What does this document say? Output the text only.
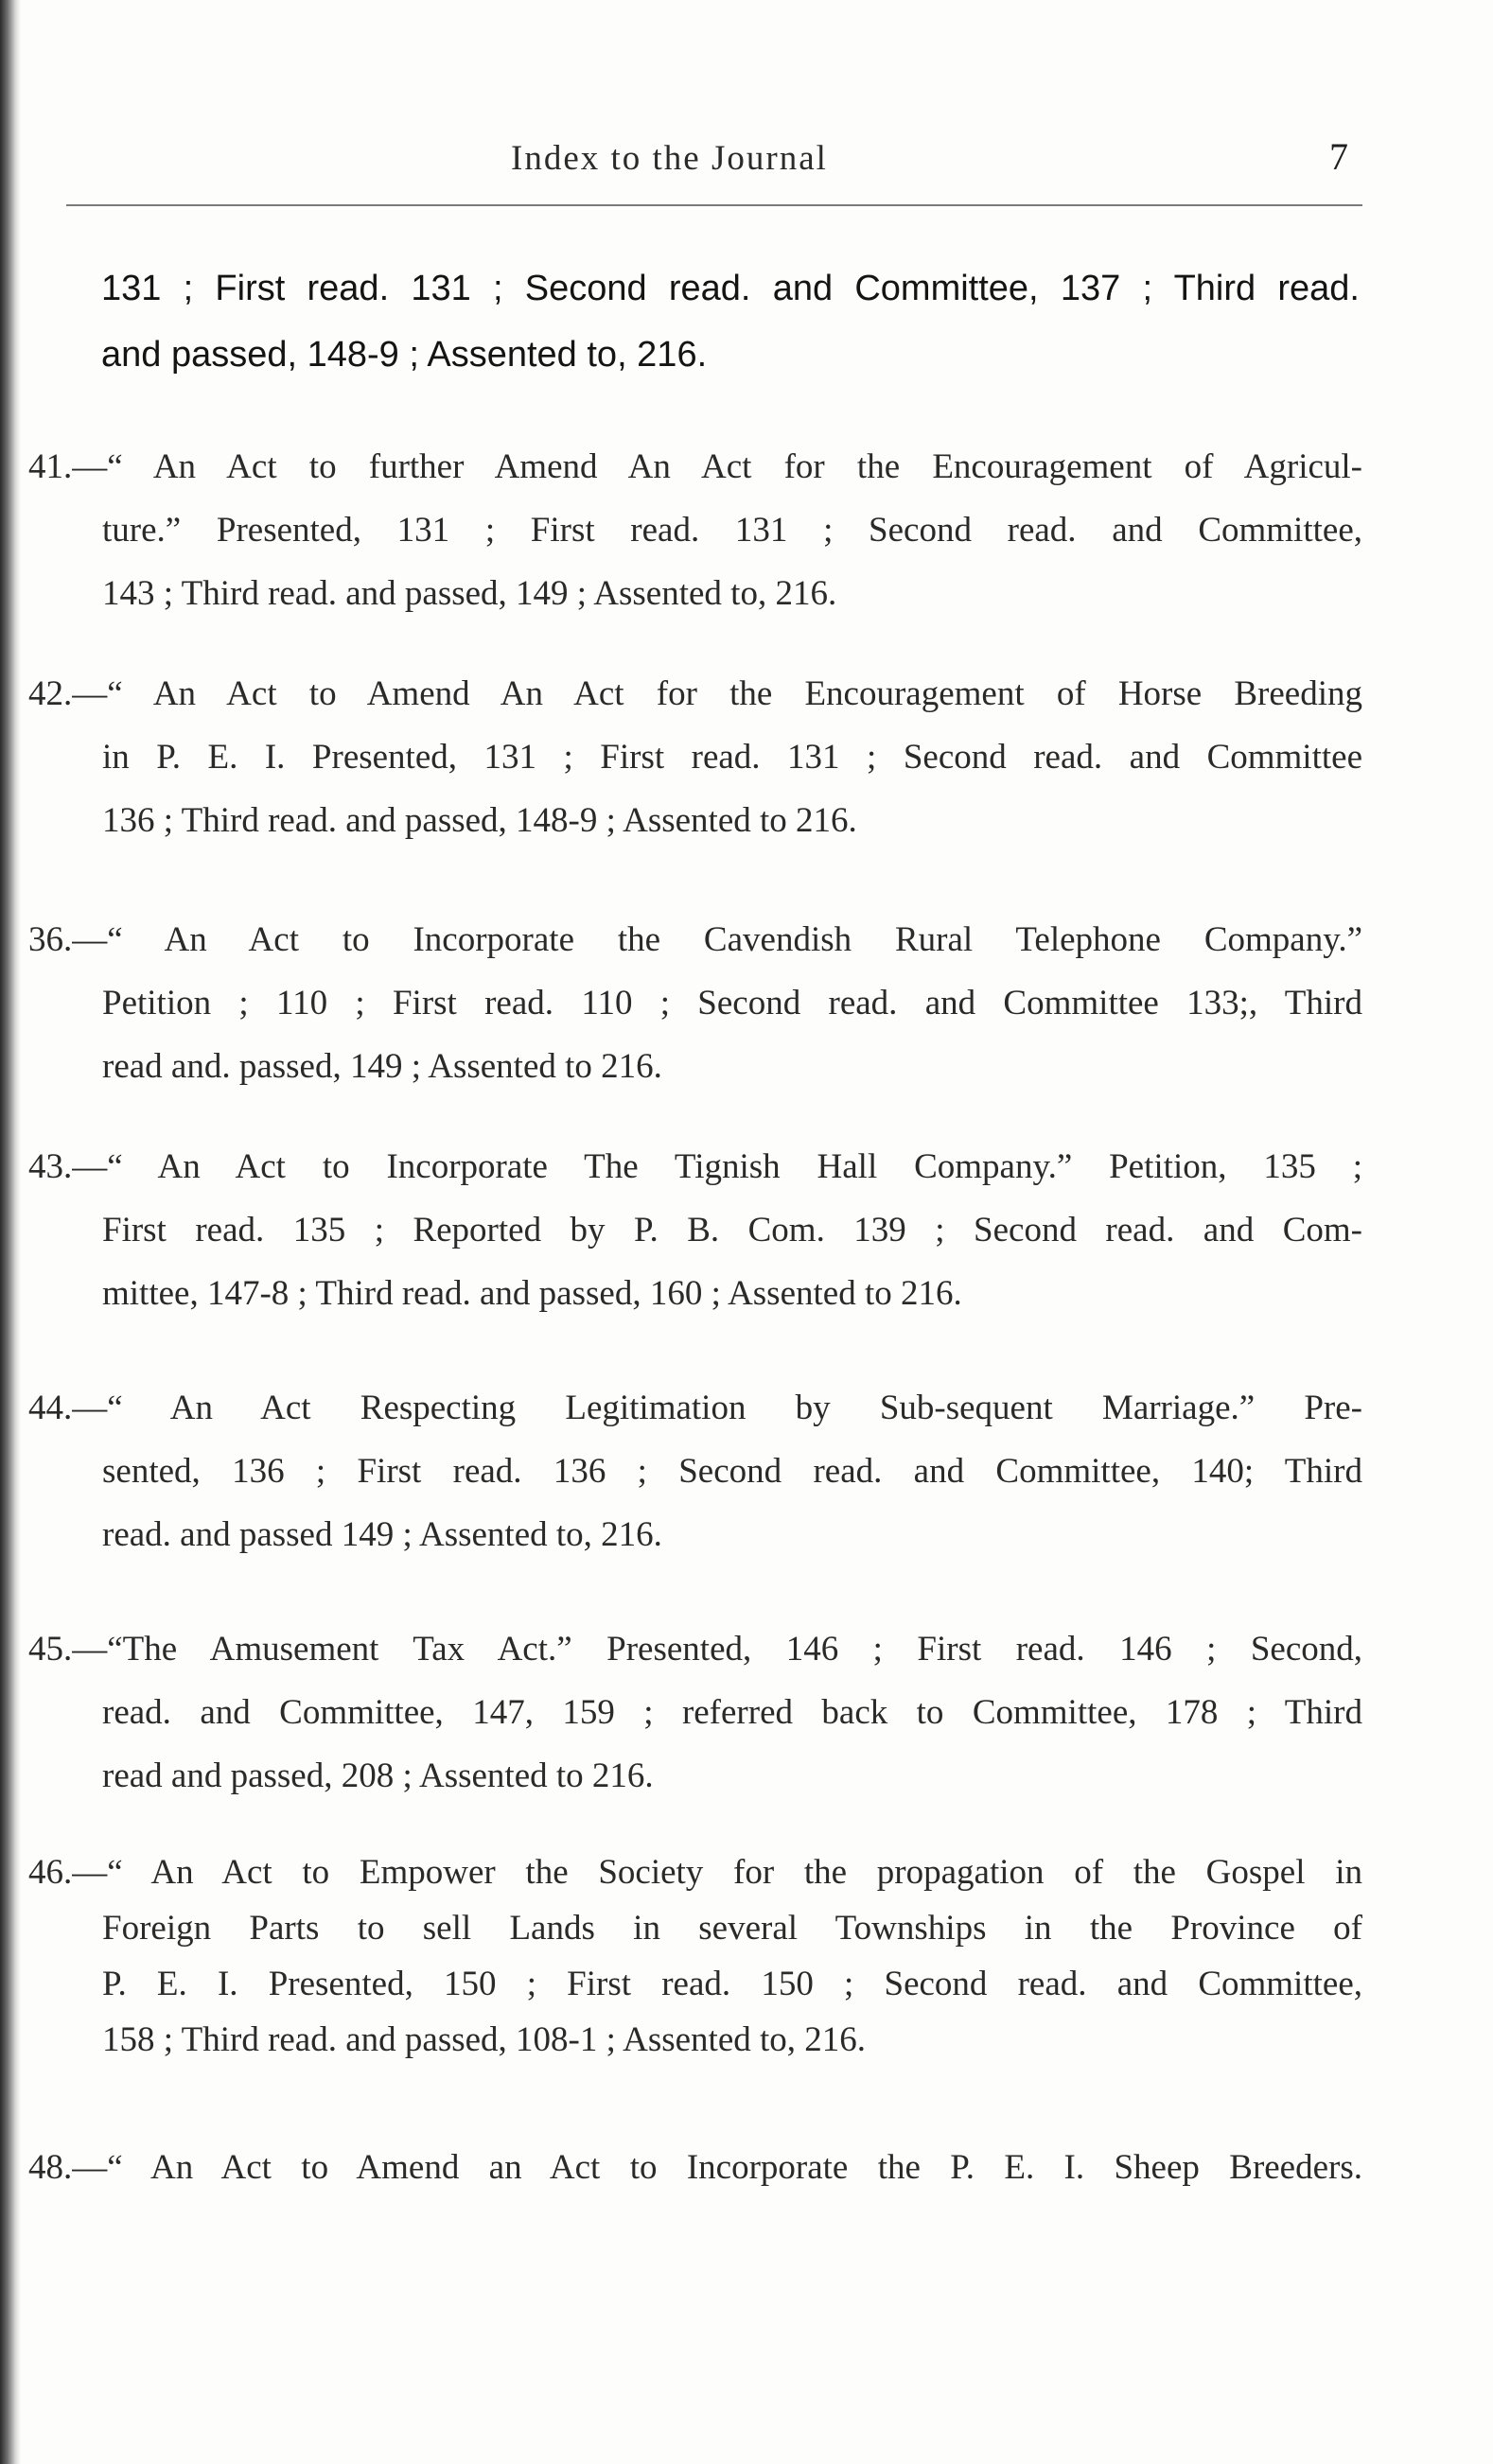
Index to the Journal	7
131 ; First read. 131 ; Second read. and Committee, 137 ; Third read.
and passed, 148-9 ; Assented to, 216.
41.—“ An Act to further Amend An Act for the Encouragement of Agricul-
ture.” Presented, 131 ; First read. 131 ; Second read. and Committee,
143 ; Third read. and passed, 149 ; Assented to, 216.
42.—“ An Act to Amend An Act for the Encouragement of Horse Breeding
in P. E. I. Presented, 131 ; First read. 131 ; Second read. and Committee
136 ; Third read. and passed, 148-9 ; Assented to 216.
36.—“ An Act to Incorporate the Cavendish Rural Telephone Company.”
Petition ; 110 ; First read. 110 ; Second read. and Committee 133;, Third
read and. passed, 149 ; Assented to 216.
43.—“ An Act to Incorporate The Tignish Hall Company.” Petition, 135 ;
First read. 135 ; Reported by P. B. Com. 139 ; Second read. and Com-
mittee, 147-8 ; Third read. and passed, 160 ; Assented to 216.
44.—“ An Act Respecting Legitimation by Sub-sequent Marriage.” Pre-
sented, 136 ; First read. 136 ; Second read. and Committee, 140; Third
read. and passed 149 ; Assented to, 216.
45.—“The Amusement Tax Act.” Presented, 146 ; First read. 146 ; Second,
read. and Committee, 147, 159 ; referred back to Committee, 178 ; Third
read and passed, 208 ; Assented to 216.
46.—“ An Act to Empower the Society for the propagation of the Gospel in
Foreign Parts to sell Lands in several Townships in the Province of
P. E. I. Presented, 150 ; First read. 150 ; Second read. and Committee,
158 ; Third read. and passed, 108-1 ; Assented to, 216.
48.—“ An Act to Amend an Act to Incorporate the P. E. I. Sheep Breeders.
